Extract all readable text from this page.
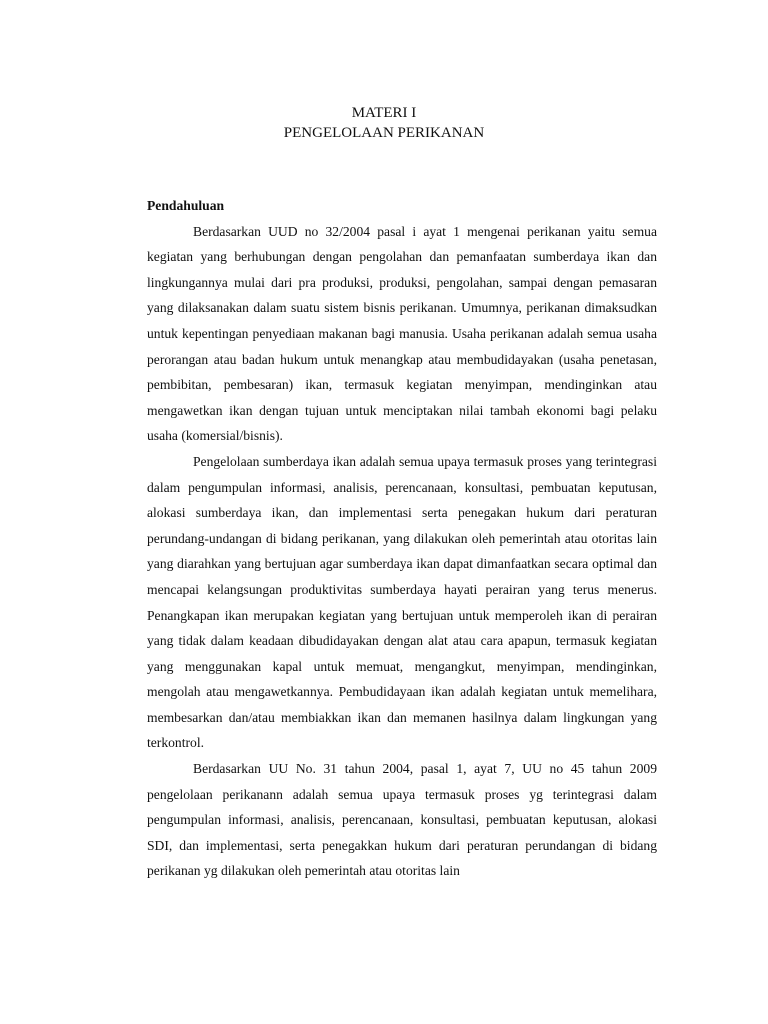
MATERI I
PENGELOLAAN PERIKANAN
Pendahuluan

Berdasarkan UUD no 32/2004 pasal i ayat 1 mengenai perikanan yaitu semua kegiatan yang berhubungan dengan pengolahan dan pemanfaatan sumberdaya ikan dan lingkungannya mulai dari pra produksi, produksi, pengolahan, sampai dengan pemasaran yang dilaksanakan dalam suatu sistem bisnis perikanan. Umumnya, perikanan dimaksudkan untuk kepentingan penyediaan makanan bagi manusia. Usaha perikanan adalah semua usaha perorangan atau badan hukum untuk menangkap atau membudidayakan (usaha penetasan, pembibitan, pembesaran) ikan, termasuk kegiatan menyimpan, mendinginkan atau mengawetkan ikan dengan tujuan untuk menciptakan nilai tambah ekonomi bagi pelaku usaha (komersial/bisnis).

Pengelolaan sumberdaya ikan adalah semua upaya termasuk proses yang terintegrasi dalam pengumpulan informasi, analisis, perencanaan, konsultasi, pembuatan keputusan, alokasi sumberdaya ikan, dan implementasi serta penegakan hukum dari peraturan perundang-undangan di bidang perikanan, yang dilakukan oleh pemerintah atau otoritas lain yang diarahkan yang bertujuan agar sumberdaya ikan dapat dimanfaatkan secara optimal dan mencapai kelangsungan produktivitas sumberdaya hayati perairan yang terus menerus. Penangkapan ikan merupakan kegiatan yang bertujuan untuk memperoleh ikan di perairan yang tidak dalam keadaan dibudidayakan dengan alat atau cara apapun, termasuk kegiatan yang menggunakan kapal untuk memuat, mengangkut, menyimpan, mendinginkan, mengolah atau mengawetkannya. Pembudidayaan ikan adalah kegiatan untuk memelihara, membesarkan dan/atau membiakkan ikan dan memanen hasilnya dalam lingkungan yang terkontrol.

Berdasarkan UU No. 31 tahun 2004, pasal 1, ayat 7, UU no 45 tahun 2009 pengelolaan perikanann adalah semua upaya termasuk proses yg terintegrasi dalam pengumpulan informasi, analisis, perencanaan, konsultasi, pembuatan keputusan, alokasi SDI, dan implementasi, serta penegakkan hukum dari peraturan perundangan di bidang perikanan yg dilakukan oleh pemerintah atau otoritas lain
